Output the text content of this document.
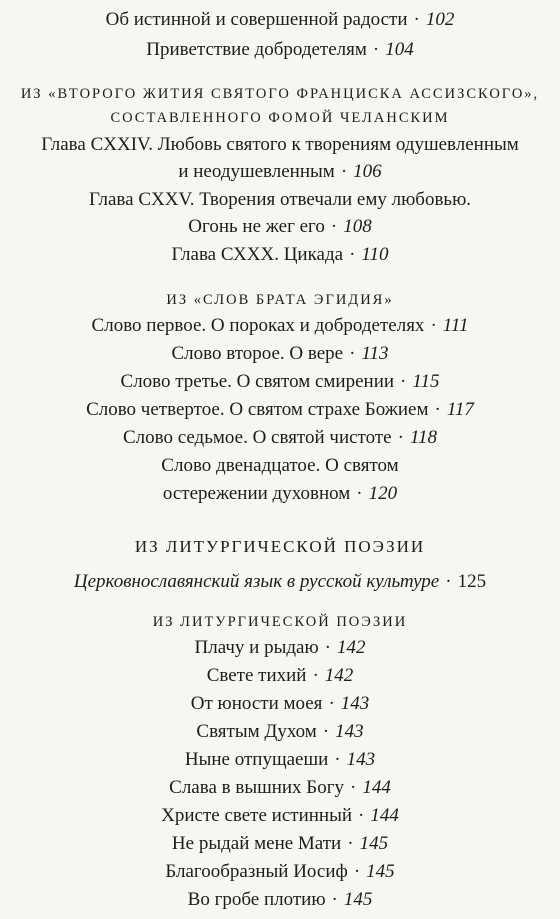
Об истинной и совершенной радости · 102
Приветствие добродетелям · 104
ИЗ «ВТОРОГО ЖИТИЯ СВЯТОГО ФРАНЦИСКА АССИЗСКОГО»,
СОСТАВЛЕННОГО ФОМОЙ ЧЕЛАНСКИМ
Глава CXXIV. Любовь святого к творениям одушевленным
и неодушевленным · 106
Глава CXXV. Творения отвечали ему любовью.
Огонь не жег его · 108
Глава СХХХ. Цикада · 110
ИЗ «СЛОВ БРАТА ЭГИДИЯ»
Слово первое. О пороках и добродетелях · 111
Слово второе. О вере · 113
Слово третье. О святом смирении · 115
Слово четвертое. О святом страхе Божием · 117
Слово седьмое. О святой чистоте · 118
Слово двенадцатое. О святом
остережении духовном · 120
ИЗ ЛИТУРГИЧЕСКОЙ ПОЭЗИИ
Церковнославянский язык в русской культуре · 125
ИЗ ЛИТУРГИЧЕСКОЙ ПОЭЗИИ
Плачу и рыдаю · 142
Свете тихий · 142
От юности моея · 143
Святым Духом · 143
Ныне отпущаеши · 143
Слава в вышних Богу · 144
Христе свете истинный · 144
Не рыдай мене Мати · 145
Благообразный Иосиф · 145
Во гробе плотию · 145
